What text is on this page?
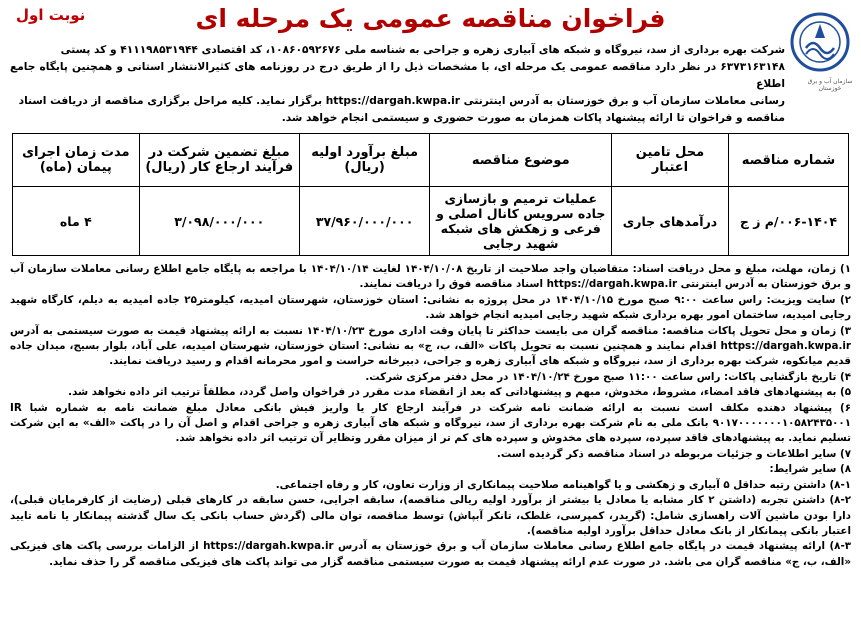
نوبت اول	فراخوان مناقصه عمومی یک مرحله ای
سازمان آب و برق خوزستان
شرکت بهره برداری از سد، نیروگاه و شبکه های آبیاری زهره و جراحی به شناسه ملی ۱۰۸۶۰۵۹۲۶۷۶، کد اقتصادی ۴۱۱۱۹۸۵۳۱۹۴۴ و کد پستی
۶۳۷۳۱۶۳۱۴۸ در نظر دارد مناقصه عمومی یک مرحله ای، با مشخصات ذیل را از طریق درج در روزنامه های کثیرالانتشار استانی و همچنین پایگاه جامع اطلاع
رسانی معاملات سازمان آب و برق خوزستان به آدرس اینترنتی https://dargah.kwpa.ir برگزار نماید. کلیه مراحل برگزاری مناقصه از دریافت اسناد
مناقصه و فراخوان تا ارائه پیشنهاد پاکات همزمان به صورت حضوری و سیستمی انجام خواهد شد.
شماره مناقصه	محل تامین اعتبار	موضوع مناقصه	مبلغ برآورد اولیه (ریال)	مبلغ تضمین شرکت در فرآیند ارجاع کار (ریال)	مدت زمان اجرای پیمان (ماه)
۰۰۶-۱۴۰۴/م ز ج	درآمدهای جاری	عملیات ترمیم و بازسازی جاده سرویس کانال اصلی و فرعی و زهکش های شبکه شهید رجایی	۳۷/۹۶۰/۰۰۰/۰۰۰	۳/۰۹۸/۰۰۰/۰۰۰	۴ ماه

۱) زمان، مهلت، مبلغ و محل دریافت اسناد: متقاضیان واجد صلاحیت از تاریخ ۱۴۰۴/۱۰/۰۸ لغایت ۱۴۰۴/۱۰/۱۴ با مراجعه به پایگاه جامع اطلاع رسانی معاملات سازمان آب و برق خوزستان به آدرس اینترنتی https://dargah.kwpa.ir اسناد مناقصه فوق را دریافت نمایند.

۲) سایت ویزیت: راس ساعت ۹:۰۰ صبح مورخ ۱۴۰۴/۱۰/۱۵ در محل پروژه به نشانی: استان خوزستان، شهرستان امیدیه، کیلومتر۲۵ جاده امیدیه به دیلم، کارگاه شهید رجایی امیدیه، ساختمان امور بهره برداری شبکه شهید رجایی امیدیه انجام خواهد شد.

۳) زمان و محل تحویل پاکات مناقصه: مناقصه گران می بایست حداکثر تا پایان وقت اداری مورخ ۱۴۰۴/۱۰/۲۳ نسبت به ارائه پیشنهاد قیمت به صورت سیستمی به آدرس https://dargah.kwpa.ir اقدام نمایند و همچنین نسبت به تحویل پاکات «الف، ب، ج» به نشانی: استان خوزستان، شهرستان امیدیه، علی آباد، بلوار بسیج، میدان جاده قدیم میانکوه، شرکت بهره برداری از سد، نیروگاه و شبکه های آبیاری زهره و جراحی، دبیرخانه حراست و امور محرمانه اقدام و رسید دریافت نمایند.

۴) تاریخ بازگشایی پاکات: راس ساعت ۱۱:۰۰ صبح مورخ ۱۴۰۴/۱۰/۲۴ در محل دفتر مرکزی شرکت.

۵) به پیشنهادهای فاقد امضاء، مشروط، مخدوش، مبهم و پیشنهاداتی که بعد از انقضاء مدت مقرر در فراخوان واصل گردد، مطلقاً ترتیب اثر داده نخواهد شد.

۶) پیشنهاد دهنده مکلف است نسبت به ارائه ضمانت نامه شرکت در فرآیند ارجاع کار یا واریز فیش بانکی معادل مبلغ ضمانت نامه به شماره شبا IR ۹۰۱۷۰۰۰۰۰۰۰۱۰۵۸۲۴۳۵۰۰۱ بانک ملی به نام شرکت بهره برداری از سد، نیروگاه و شبکه های آبیاری زهره و جراحی اقدام و اصل آن را در پاکت «الف» به این شرکت تسلیم نماید. به پیشنهادهای فاقد سپرده، سپرده های مخدوش و سپرده های کم تر از میزان مقرر وتظاير آن ترتیب اثر داده نخواهد شد.

۷) سایر اطلاعات و جزئیات مربوطه در اسناد مناقصه ذکر گردیده است.

۸) سایر شرایط:

۸-۱) داشتن رتبه حداقل ۵ آبیاری و زهکشی و یا گواهینامه صلاحیت پیمانکاری از وزارت تعاون، کار و رفاه اجتماعی.

۸-۲) داشتن تجربه (داشتن ۲ کار مشابه یا معادل یا بیشتر از برآورد اولیه ریالی مناقصه)، سابقه اجرایی، حسن سابقه در کارهای قبلی (رضایت از کارفرمایان قبلی)، دارا بودن ماشین آلات راهسازی شامل: (گریدر، کمپرسی، غلطک، تانکر آبپاش) توسط مناقصه، توان مالی (گردش حساب بانکی یک سال گذشته پیمانکار یا نامه تایید اعتبار بانکی پیمانکار از بانک معادل حداقل برآورد اولیه مناقصه).

۸-۳) ارائه پیشنهاد قیمت در پایگاه جامع اطلاع رسانی معاملات سازمان آب و برق خوزستان به آدرس https://dargah.kwpa.ir از الزامات بررسی پاکت های فیزیکی «الف، ب، ج» مناقصه گران می باشد. در صورت عدم ارائه پیشنهاد قیمت به صورت سیستمی مناقصه گزار می تواند پاکت های فیزیکی مناقصه گر را حذف نماید.
